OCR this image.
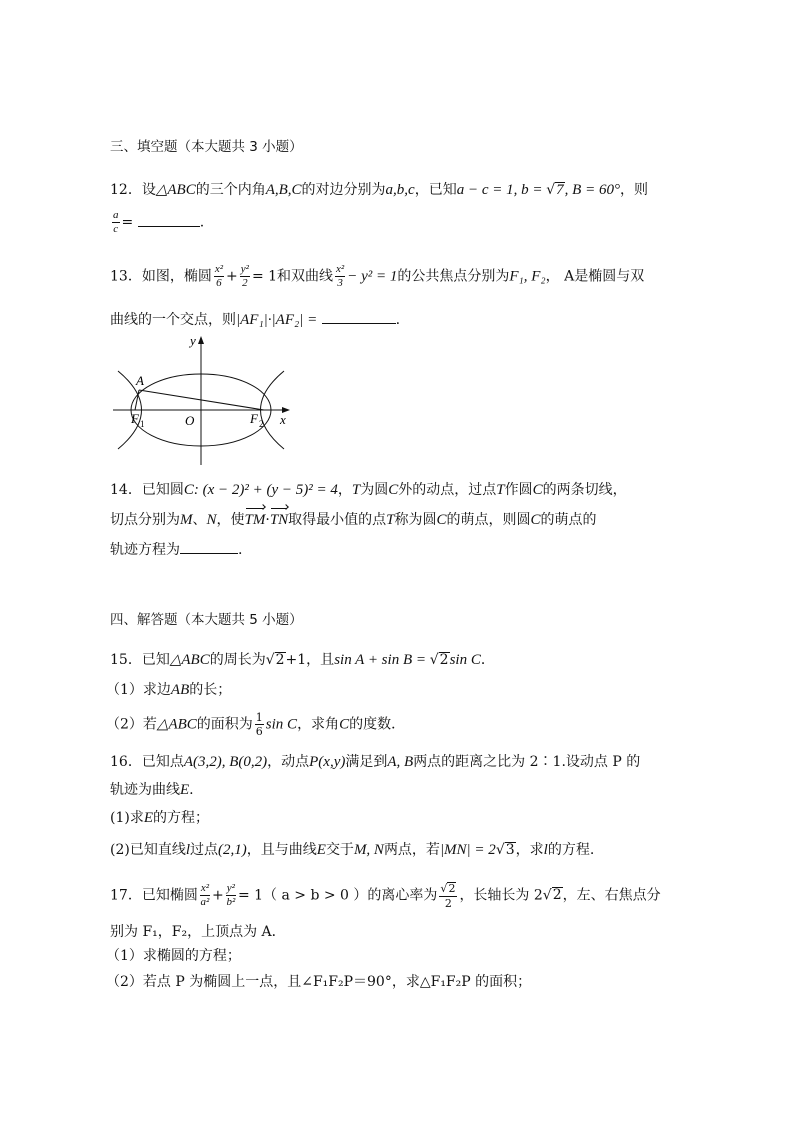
三、填空题（本大题共 3 小题）
12．设△ABC的三个内角A,B,C的对边分别为a,b,c，已知a − c = 1, b = √7, B = 60°，则
$\frac{a}{c}$ =	.
13．如图，椭圆 $\frac{\text{x²}}{6} + \frac{\text{y²}}{2} = 1$和双曲线 $\frac{\text{x²}}{3} - y^2 = 1$的公共焦点分别为F₁, F₂， A是椭圆与双
曲线的一个交点，则|AF₁|·|AF₂| =	.
y
x
A
O
F 1	F 2
14．已知圆C: (x − 2)² + (y − 5)² = 4，T为圆C外的动点，过点T作圆C的两条切线，
切点分别为M、N，使TM·TN取得最小值的点T称为圆C的萌点，则圆C的萌点的
轨迹方程为	.
四、解答题（本大题共 5 小题）
15．已知△ABC的周长为√2+1，且sin A + sin B = √2sin C．
（1）求边AB的长；
（2）若△ABC的面积为 $\frac{1}{6}$ sin C，求角C的度数．
16．已知点A(3,2), B(0,2)，动点P(x,y)满足到A, B两点的距离之比为 2∶1.设动点 P 的
轨迹为曲线E.
(1)求E的方程；
(2)已知直线l过点(2,1)，且与曲线E交于M, N两点，若|MN| = 2√3，求l的方程.
17．已知椭圆 $\frac{\text{x²}}{\text{a²}} + \frac{\text{y²}}{\text{b²}} = 1$（ a > b > 0 ）的离心率为 $\frac{√2}{2}$ ，长轴长为 2√2，左、右焦点分
别为 F₁，F₂，上顶点为 A．
（1）求椭圆的方程；
（2）若点 P 为椭圆上一点，且∠F₁F₂P＝90°，求△F₁F₂P 的面积；
